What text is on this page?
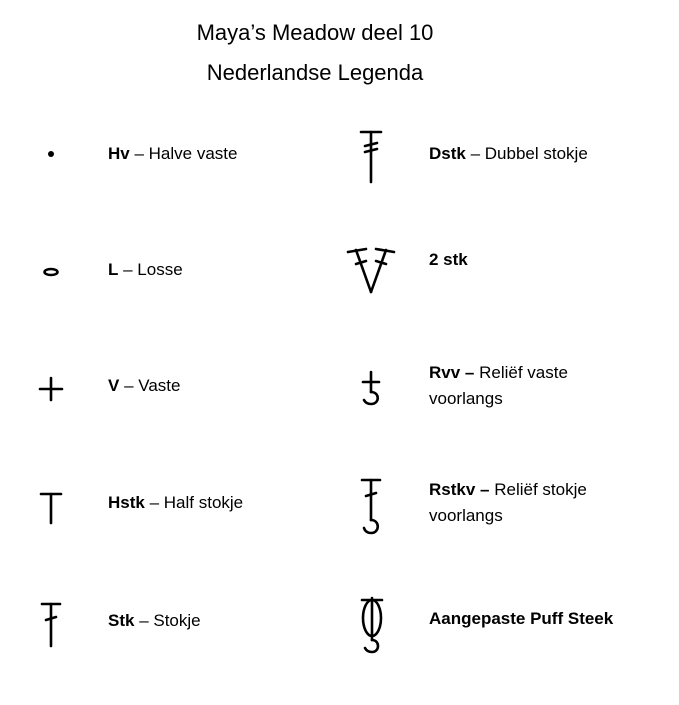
Maya’s Meadow deel 10
Nederlandse Legenda
Hv – Halve vaste
L – Losse
V – Vaste
Hstk – Half stokje
Stk – Stokje
Dstk – Dubbel stokje
2 stk
Rvv – Reliëf vaste voorlangs
Rstkv – Reliëf stokje voorlangs
Aangepaste Puff Steek
